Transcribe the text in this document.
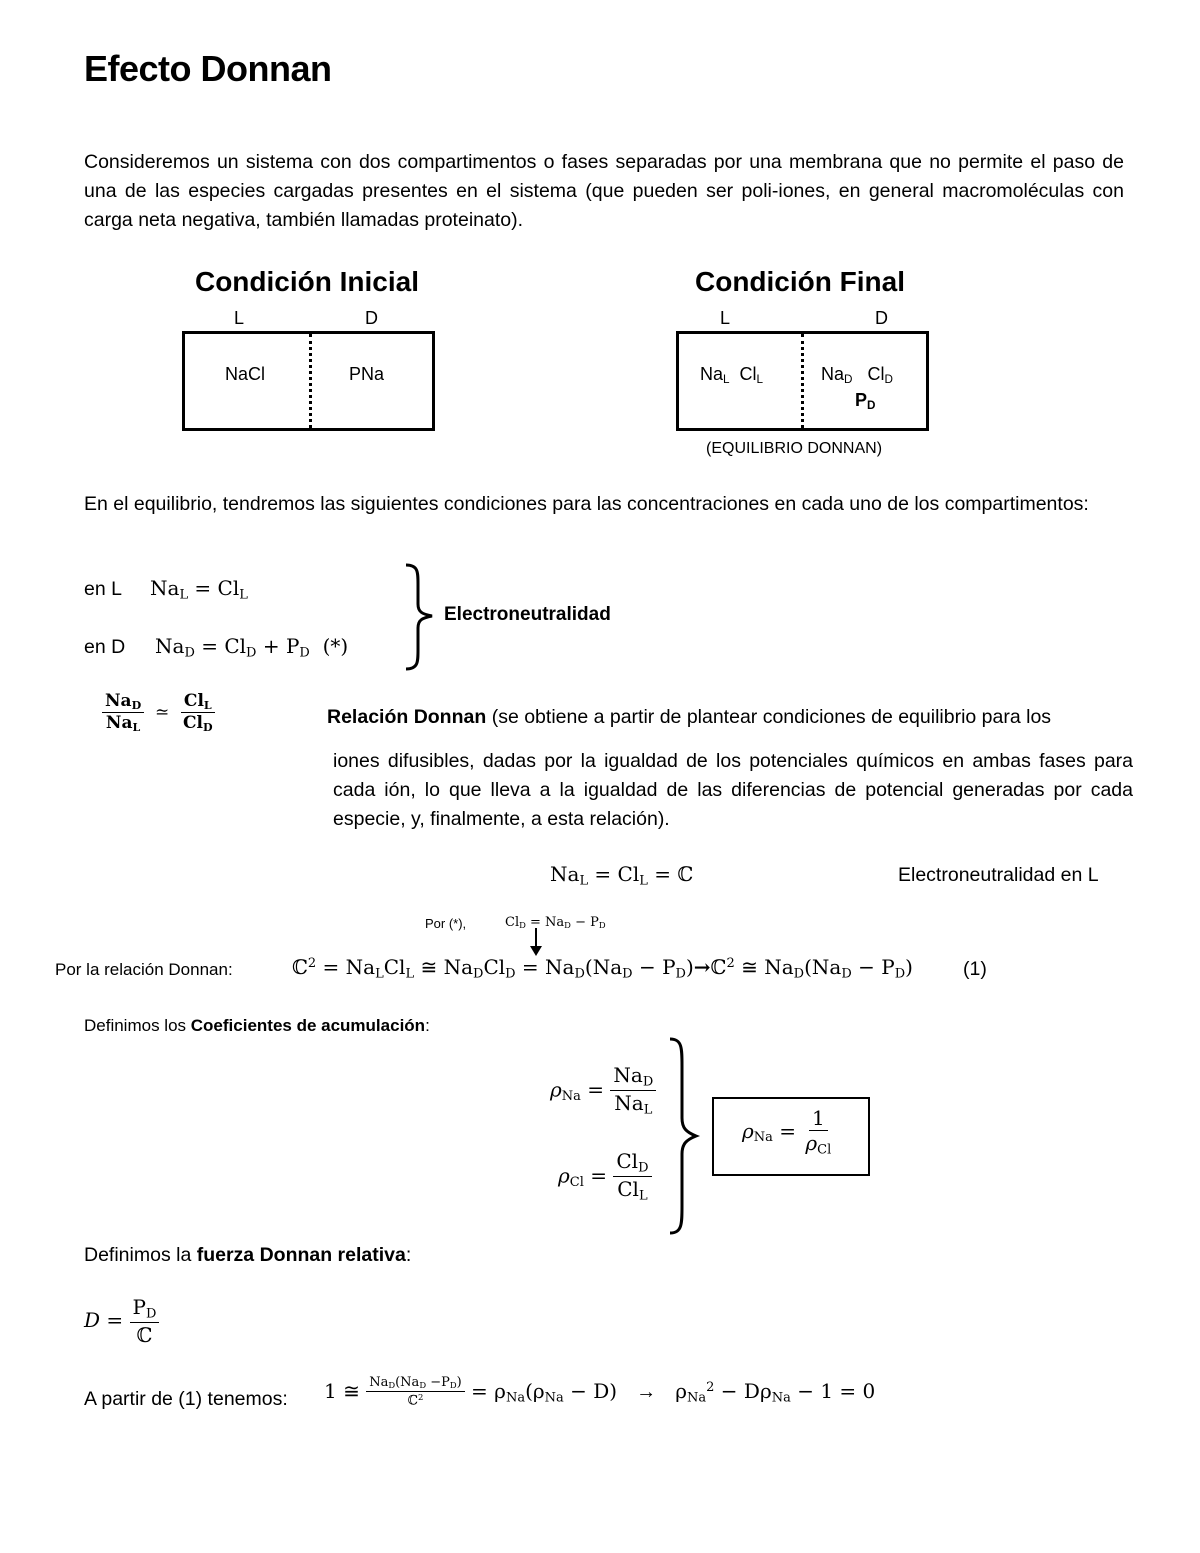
Efecto Donnan
Consideremos un sistema con dos compartimentos o fases separadas por una membrana que no permite el paso de una de las especies cargadas presentes en el sistema (que pueden ser poli-iones, en general macromoléculas con carga neta negativa, también llamadas proteinato).
Condición Inicial
L	D
NaCl	PNa
Condición Final
L	D
$Na_L$  $Cl_L$	$Na_D$   $Cl_D$
$P_D$
(EQUILIBRIO DONNAN)
En el equilibrio, tendremos las siguientes condiciones para las concentraciones en cada uno de los compartimentos:
en L $Na_L = Cl_L$
en D $Na_D = Cl_D + P_D$ (*)
Electroneutralidad
$\frac{Na_D}{Na_L}$ ≃ $\frac{Cl_L}{Cl_D}$	Relación Donnan (se obtiene a partir de plantear condiciones de equilibrio para los
iones difusibles, dadas por la igualdad de los potenciales químicos en ambas fases para cada ión, lo que lleva a la igualdad de las diferencias de potencial generadas por cada especie, y, finalmente, a esta relación).
$Na_L = Cl_L$ = ℂ	Electroneutralidad en L
Por (*),	$Cl_D = Na_D - P_D$
Por la relación Donnan:	ℂ$^2$ = $Na_LCl_L$ ≅ $Na_DCl_D = Na_D(Na_D$ − $P_D)\to ℂ^2$ ≅ $Na_D(Na_D - P_D)$	(1)
Definimos los Coeficientes de acumulación:
$\rho_{Na} = \frac{Na_D}{Na_L}$
$\rho_{Cl} = \frac{Cl_D}{Cl_L}$
$\rho_{Na} = \frac{1}{\rho_{Cl}}$
Definimos la fuerza Donnan relativa:
$D = \frac{P_D}{\text{ℂ}}$
A partir de (1) tenemos: 1 ≅ $\frac{Na_D(Na_D -P_D)}{ℂ^2} = \rho_{Na}(\rho_{Na} - D) \to \rho_{Na}^2 - D\rho_{Na} - 1 = 0$
